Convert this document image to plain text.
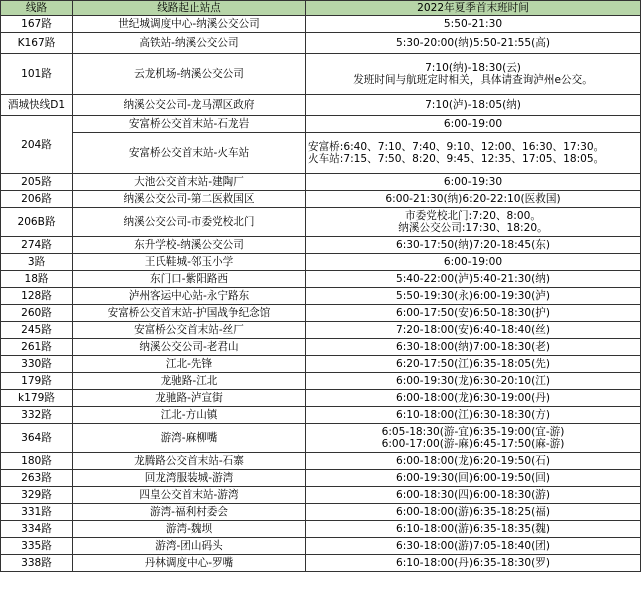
线路	线路起止站点	2022年夏季首末班时间
167路	世纪城调度中心-纳溪公交公司	5:50-21:30
K167路	高铁站-纳溪公交公司	5:30-20:00(纳)5:50-21:55(高)
101路	云龙机场-纳溪公交公司	7:10(纳)-18:30(云)
发班时间与航班定时相关，具体请查询泸州e公交。

酒城快线D1	纳溪公交公司-龙马潭区政府	7:10(泸)-18:05(纳)
204路	安富桥公交首末站-石龙岩	6:00-19:00
	安富桥公交首末站-火车站	安富桥:6:40、7:10、7:40、9:10、12:00、16:30、17:30。
火车站:7:15、7:50、8:20、9:45、12:35、17:05、18:05。

205路	大池公交首末站-建陶厂	6:00-19:30
206路	纳溪公交公司-第二医救国区	6:00-21:30(纳)6:20-22:10(医救国)
206B路	纳溪公交公司-市委党校北门	市委党校北门:7:20、8:00。
纳溪公交公司:17:30、18:20。

274路	东升学校-纳溪公交公司	6:30-17:50(纳)7:20-18:45(东)
3路	王氏鞋城-邻玉小学	6:00-19:00
18路	东门口-紫阳路西	5:40-22:00(泸)5:40-21:30(纳)
128路	泸州客运中心站-永宁路东	5:50-19:30(永)6:00-19:30(泸)
260路	安富桥公交首末站-护国战争纪念馆	6:00-17:50(安)6:50-18:30(护)
245路	安富桥公交首末站-丝厂	7:20-18:00(安)6:40-18:40(丝)
261路	纳溪公交公司-老君山	6:30-18:00(纳)7:00-18:30(老)
330路	江北-先锋	6:20-17:50(江)6:35-18:05(先)
179路	龙驰路-江北	6:00-19:30(龙)6:30-20:10(江)
k179路	龙驰路-泸宣街	6:00-18:00(龙)6:30-19:00(丹)
332路	江北-方山镇	6:10-18:00(江)6:30-18:30(方)
364路	游湾-麻柳嘴	6:05-18:30(游-宜)6:35-19:00(宜-游)
6:00-17:00(游-麻)6:45-17:50(麻-游)

180路	龙腾路公交首末站-石寨	6:00-18:00(龙)6:20-19:50(石)
263路	回龙湾服装城-游湾	6:00-19:30(回)6:00-19:50(回)
329路	四皇公交首末站-游湾	6:00-18:30(四)6:00-18:30(游)
331路	游湾-福利村委会	6:00-18:00(游)6:35-18:25(福)
334路	游湾-魏坝	6:10-18:00(游)6:35-18:35(魏)
335路	游湾-团山码头	6:30-18:00(游)7:05-18:40(团)
338路	丹林调度中心-罗嘴	6:10-18:00(丹)6:35-18:30(罗)
